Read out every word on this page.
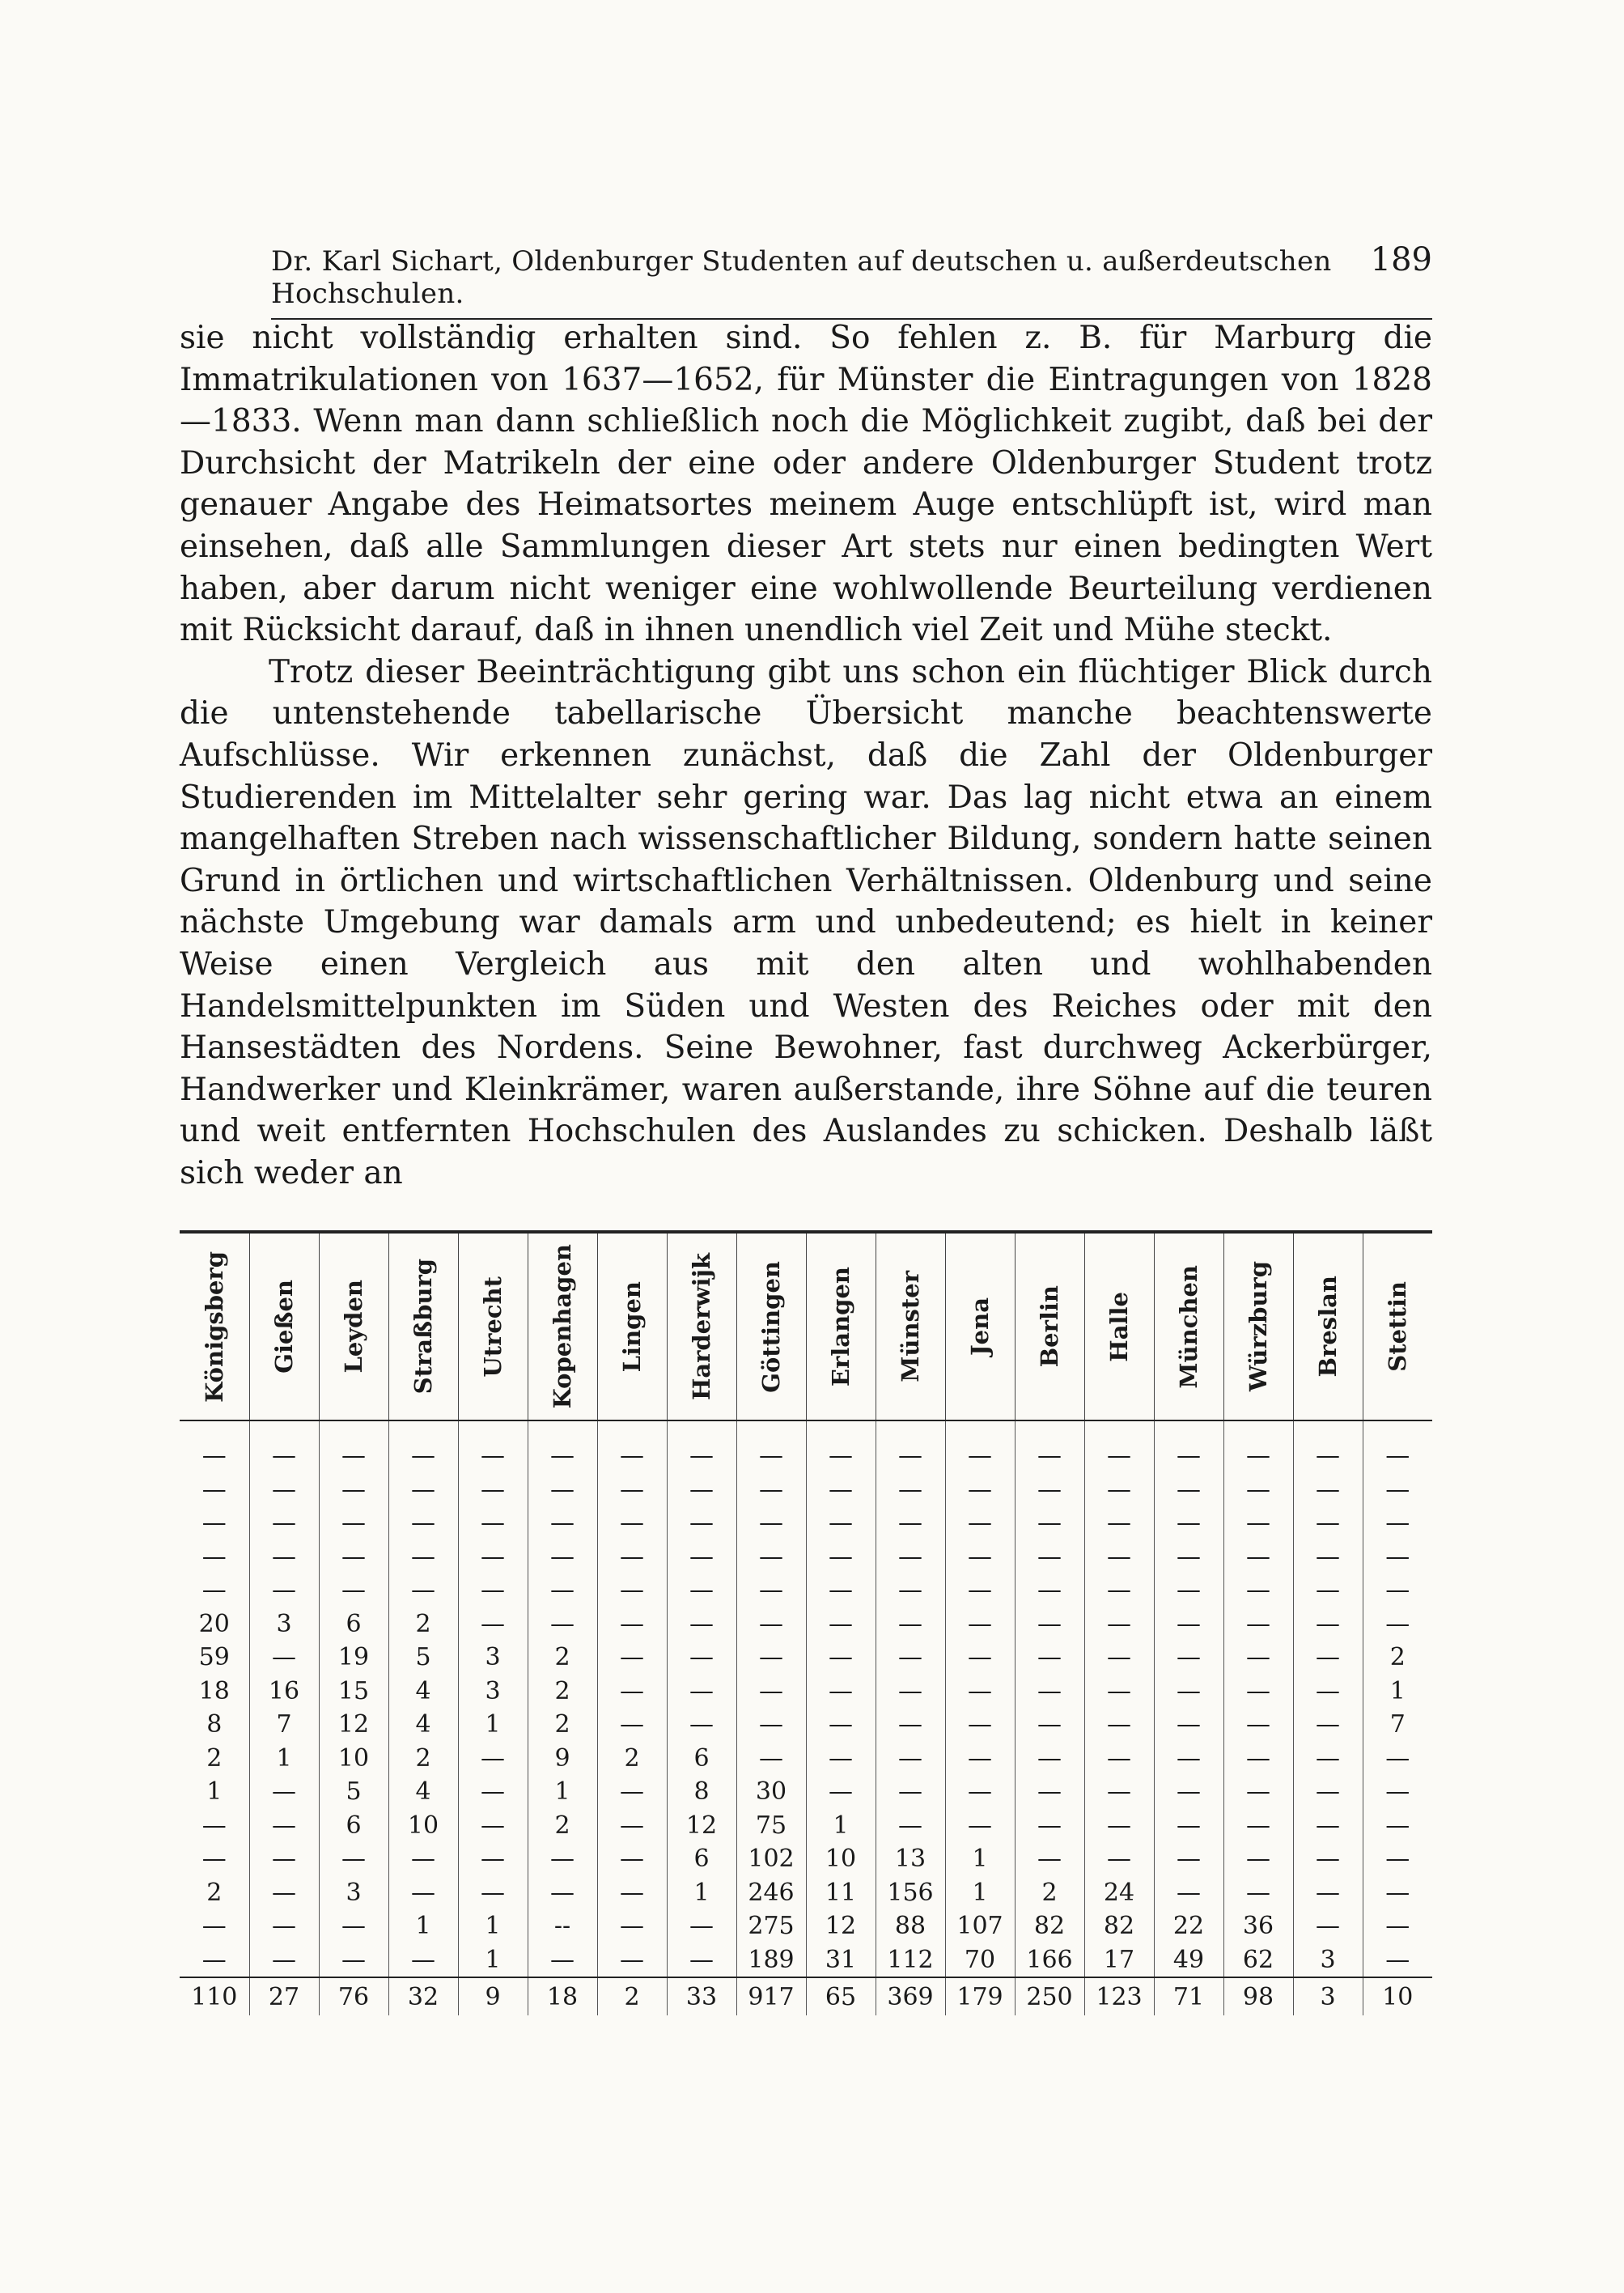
Dr. Karl Sichart, Oldenburger Studenten auf deutschen u. außerdeutschen Hochschulen.
189

sie nicht vollständig erhalten sind. So fehlen z. B. für Marburg die Immatrikulationen von 1637—1652, für Münster die Eintragungen von 1828—1833. Wenn man dann schließlich noch die Möglichkeit zugibt, daß bei der Durchsicht der Matrikeln der eine oder andere Oldenburger Student trotz genauer Angabe des Heimatsortes meinem Auge entschlüpft ist, wird man einsehen, daß alle Sammlungen dieser Art stets nur einen bedingten Wert haben, aber darum nicht weniger eine wohlwollende Beurteilung verdienen mit Rücksicht darauf, daß in ihnen unendlich viel Zeit und Mühe steckt.

Trotz dieser Beeinträchtigung gibt uns schon ein flüchtiger Blick durch die untenstehende tabellarische Übersicht manche beachtenswerte Aufschlüsse. Wir erkennen zunächst, daß die Zahl der Oldenburger Studierenden im Mittelalter sehr gering war. Das lag nicht etwa an einem mangelhaften Streben nach wissenschaftlicher Bildung, sondern hatte seinen Grund in örtlichen und wirtschaftlichen Verhältnissen. Oldenburg und seine nächste Umgebung war damals arm und unbedeutend; es hielt in keiner Weise einen Vergleich aus mit den alten und wohlhabenden Handelsmittelpunkten im Süden und Westen des Reiches oder mit den Hansestädten des Nordens. Seine Bewohner, fast durchweg Ackerbürger, Handwerker und Kleinkrämer, waren außerstande, ihre Söhne auf die teuren und weit entfernten Hochschulen des Auslandes zu schicken. Deshalb läßt sich weder an

Königsberg	Gießen	Leyden	Straßburg	Utrecht	Kopenhagen	Lingen	Harderwijk	Göttingen	Erlangen	Münster	Jena	Berlin	Halle	München	Würzburg	Breslan	Stettin

—	—	—	—	—	—	—	—	—	—	—	—	—	—	—	—	—	—
—	—	—	—	—	—	—	—	—	—	—	—	—	—	—	—	—	—
—	—	—	—	—	—	—	—	—	—	—	—	—	—	—	—	—	—
—	—	—	—	—	—	—	—	—	—	—	—	—	—	—	—	—	—
—	—	—	—	—	—	—	—	—	—	—	—	—	—	—	—	—	—
20	3	6	2	—	—	—	—	—	—	—	—	—	—	—	—	—	—
59	—	19	5	3	2	—	—	—	—	—	—	—	—	—	—	—	2
18	16	15	4	3	2	—	—	—	—	—	—	—	—	—	—	—	1
8	7	12	4	1	2	—	—	—	—	—	—	—	—	—	—	—	7
2	1	10	2	—	9	2	6	—	—	—	—	—	—	—	—	—	—
1	—	5	4	—	1	—	8	30	—	—	—	—	—	—	—	—	—
—	—	6	10	—	2	—	12	75	1	—	—	—	—	—	—	—	—
—	—	—	—	—	—	—	6	102	10	13	1	—	—	—	—	—	—
2	—	3	—	—	—	—	1	246	11	156	1	2	24	—	—	—	—
—	—	—	1	1	--	—	—	275	12	88	107	82	82	22	36	—	—
—	—	—	—	1	—	—	—	189	31	112	70	166	17	49	62	3	—
110	27	76	32	9	18	2	33	917	65	369	179	250	123	71	98	3	10
